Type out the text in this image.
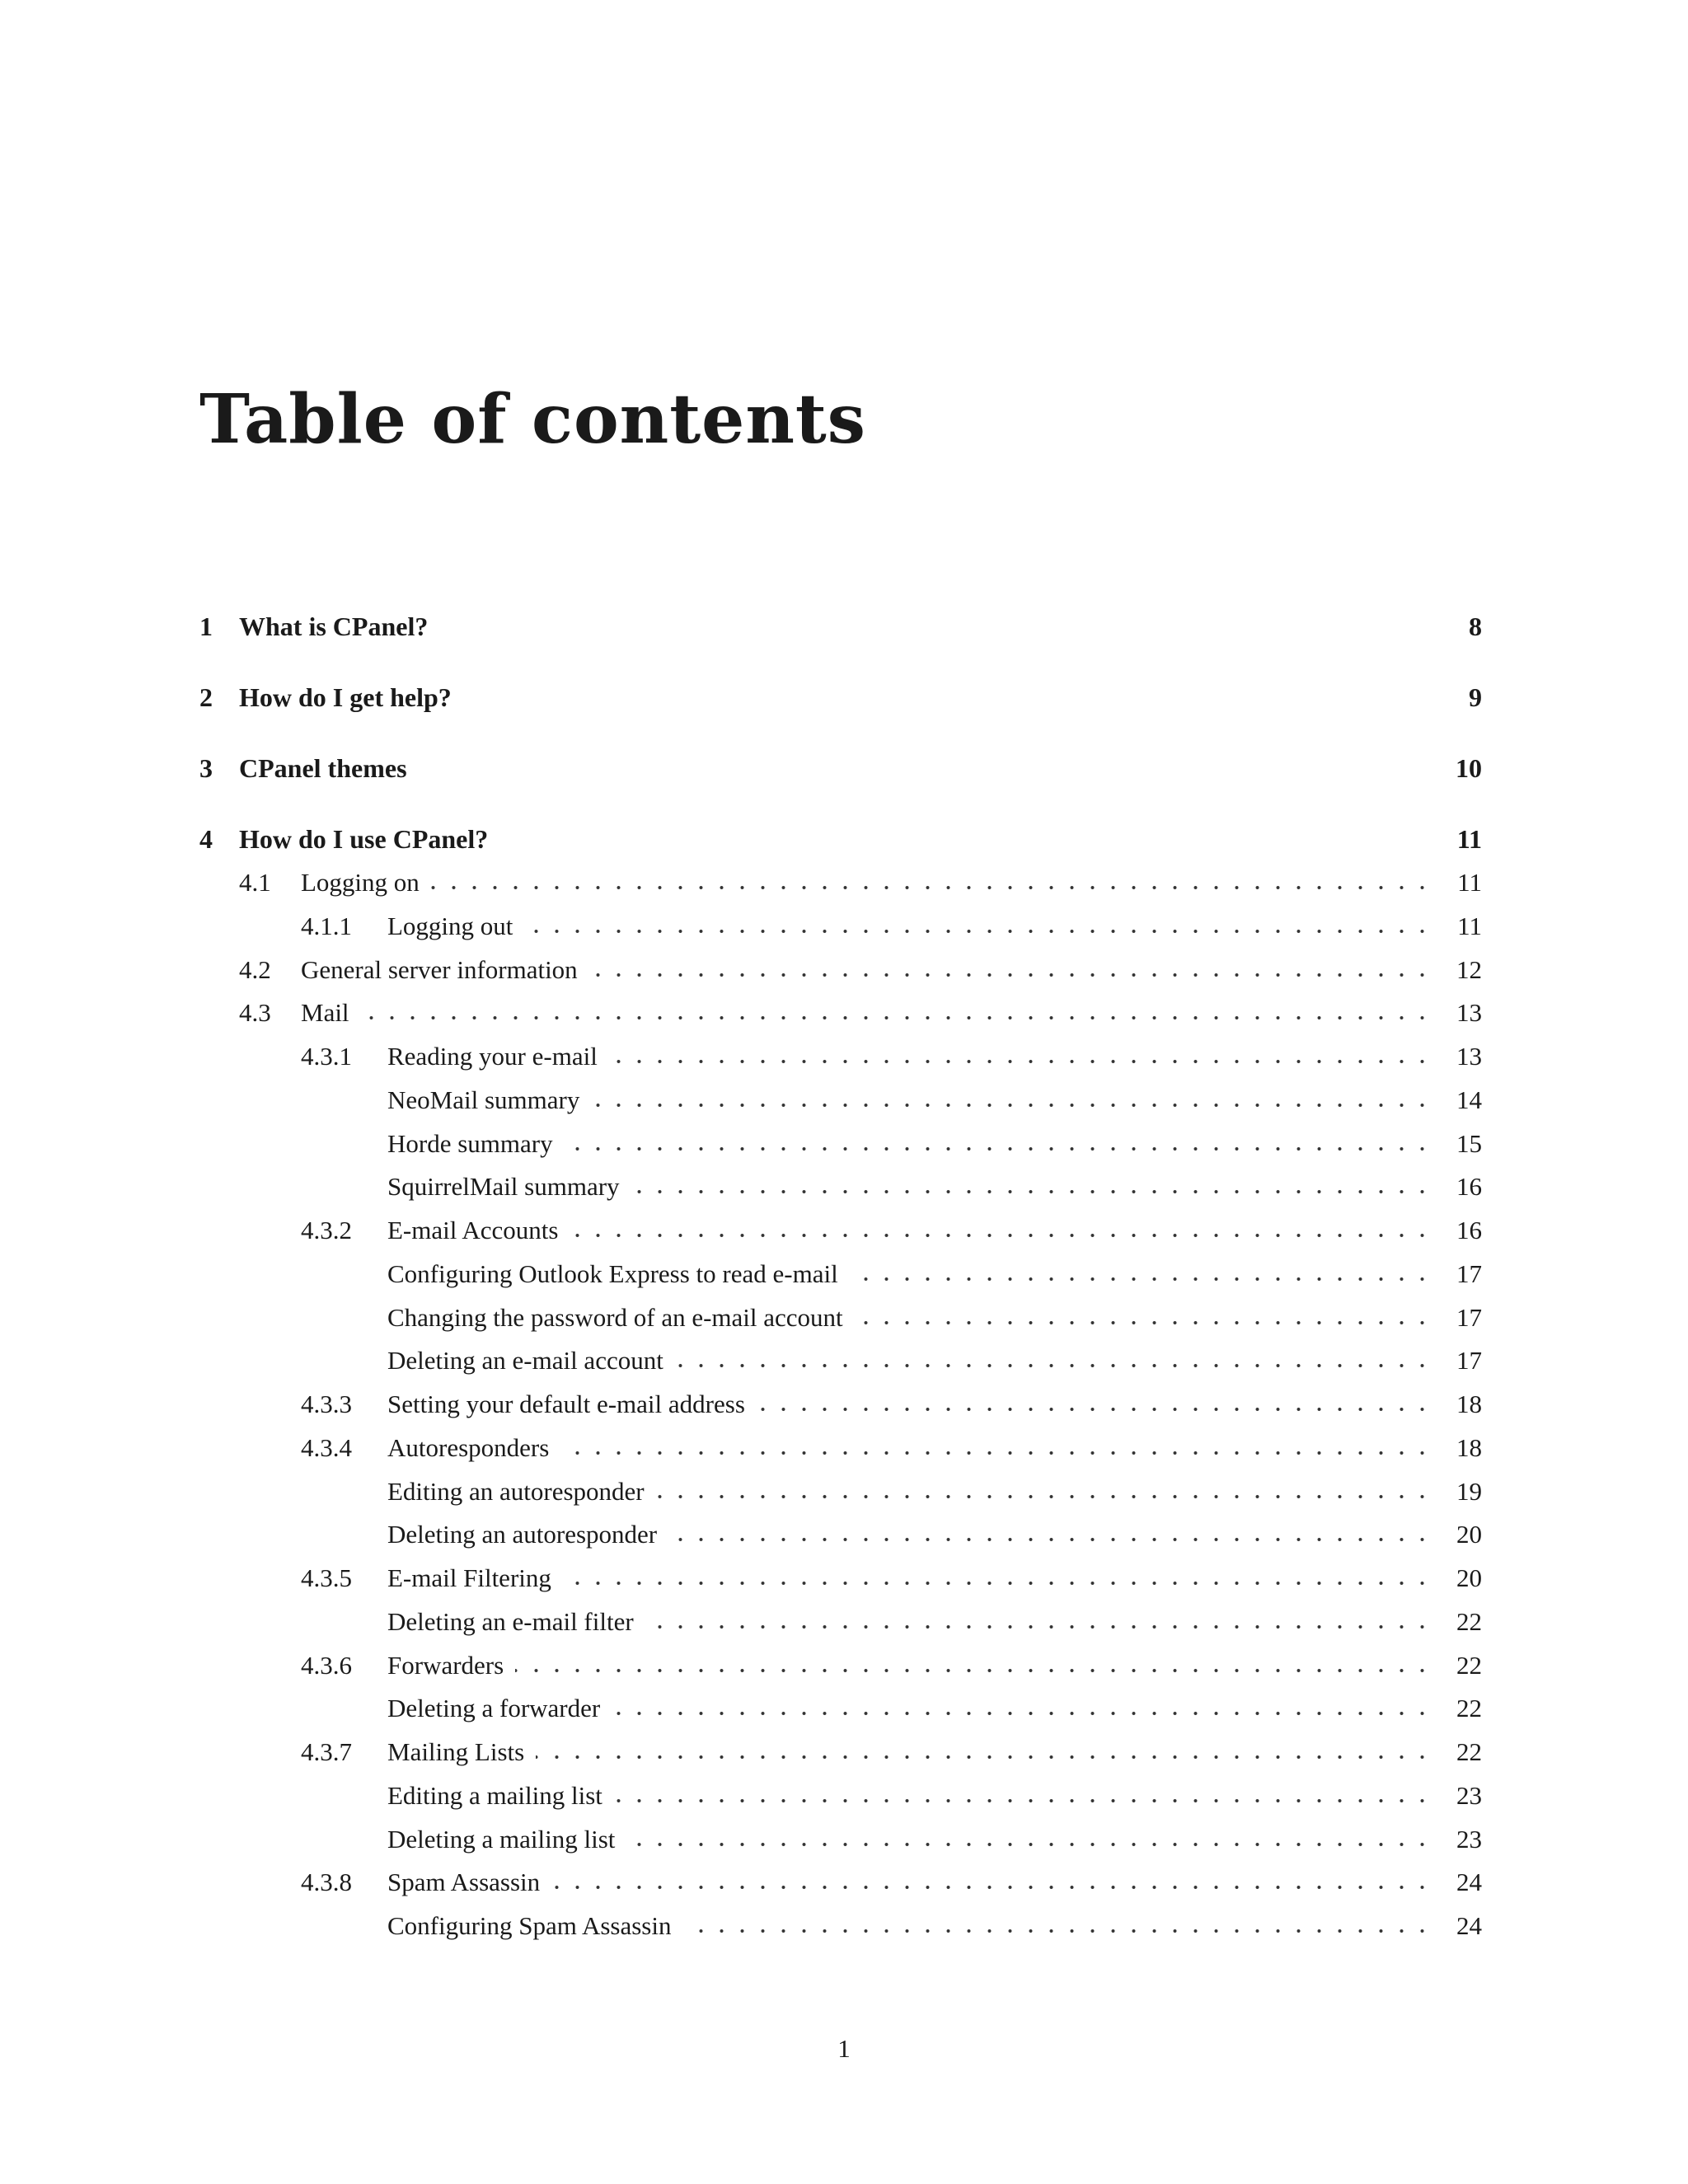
Table of contents
1 What is CPanel?	8
2 How do I get help?	9
3 CPanel themes	10
4 How do I use CPanel?	11
4.1 Logging on	11
4.1.1 Logging out	11
4.2 General server information	12
4.3 Mail	13
4.3.1 Reading your e-mail	13
NeoMail summary	14
Horde summary	15
SquirrelMail summary	16
4.3.2 E-mail Accounts	16
Configuring Outlook Express to read e-mail	17
Changing the password of an e-mail account	17
Deleting an e-mail account	17
4.3.3 Setting your default e-mail address	18
4.3.4 Autoresponders	18
Editing an autoresponder	19
Deleting an autoresponder	20
4.3.5 E-mail Filtering	20
Deleting an e-mail filter	22
4.3.6 Forwarders	22
Deleting a forwarder	22
4.3.7 Mailing Lists	22
Editing a mailing list	23
Deleting a mailing list	23
4.3.8 Spam Assassin	24
Configuring Spam Assassin	24
1
